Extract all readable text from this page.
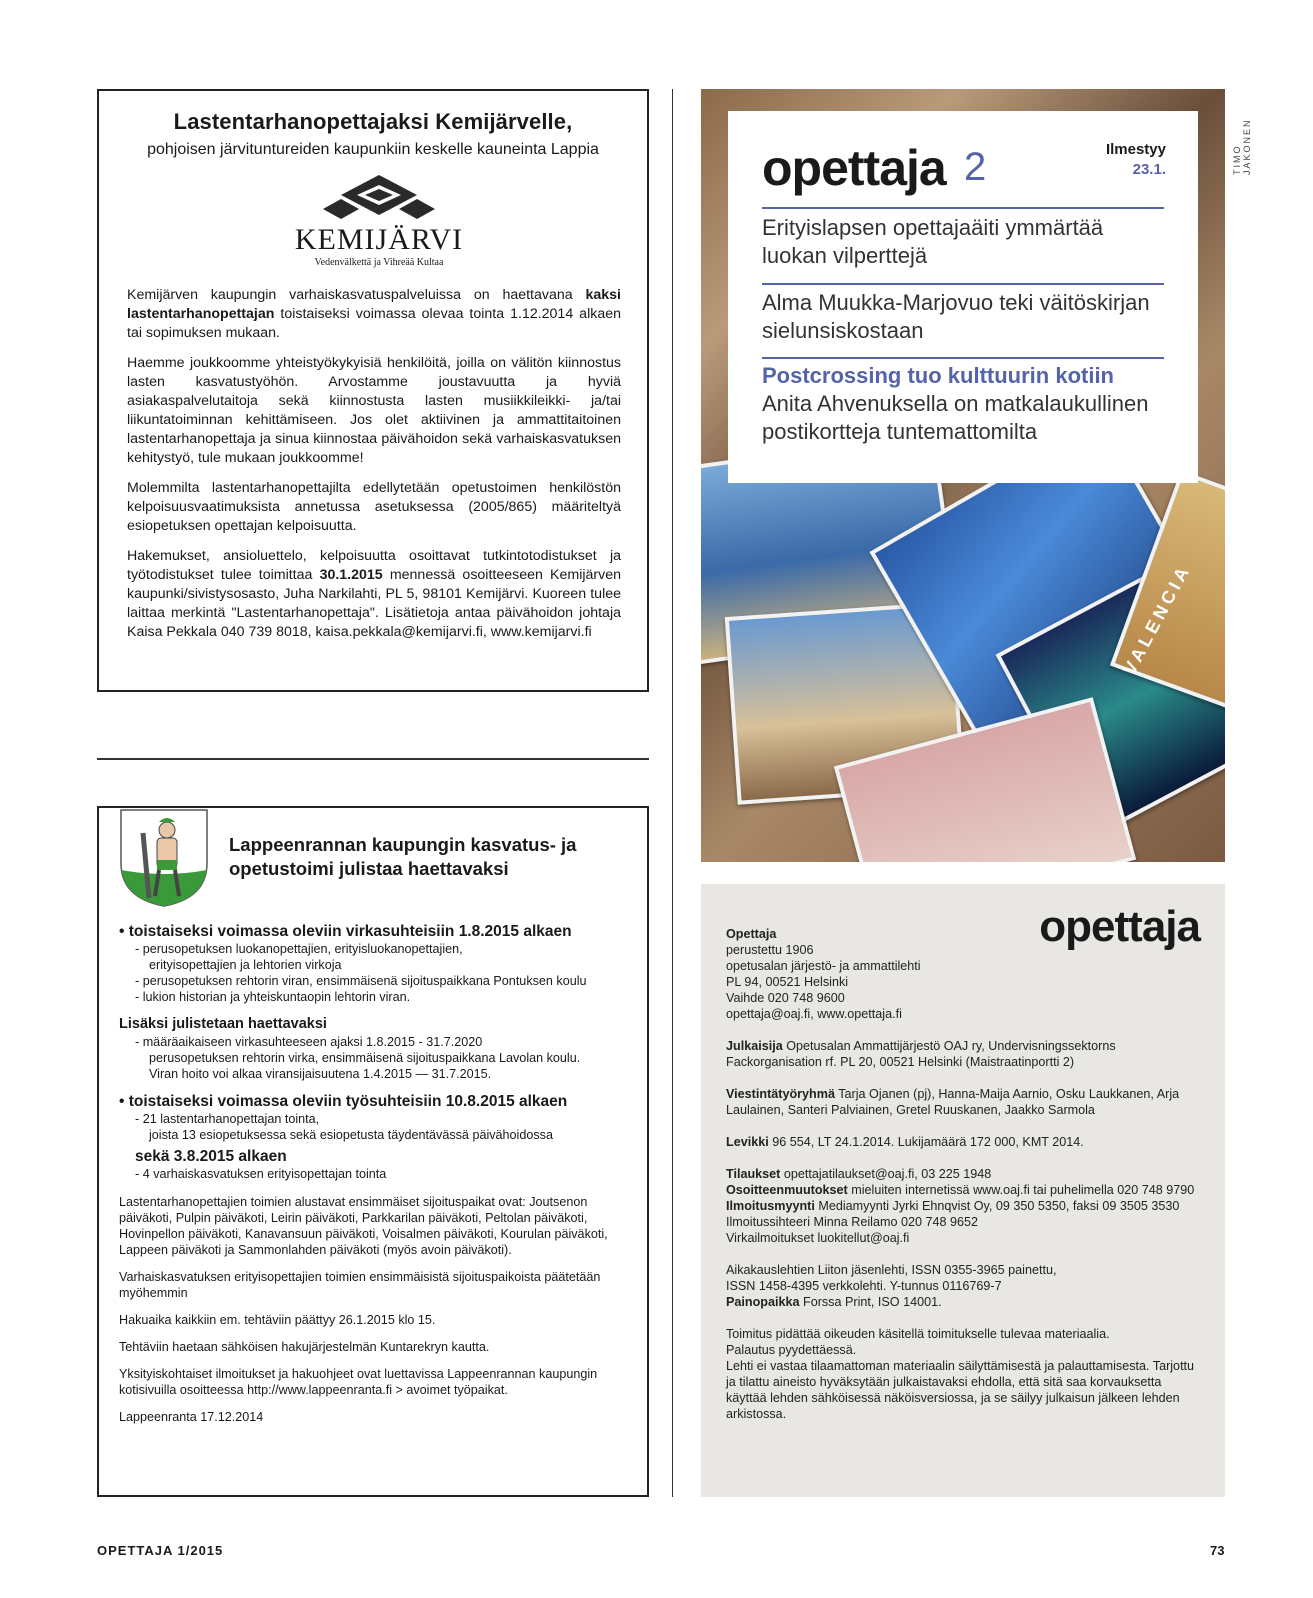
Lastentarhanopettajaksi Kemijärvelle,
pohjoisen järvituntureiden kaupunkiin keskelle kauneinta Lappia
KEMIJÄRVI
Vedenvälkettä ja Vihreää Kultaa

Kemijärven kaupungin varhaiskasvatuspalveluissa on haettavana kaksi lastentarhanopettajan toistaiseksi voimassa olevaa tointa 1.12.2014 alkaen tai sopimuksen mukaan.

Haemme joukkoomme yhteistyökykyisiä henkilöitä, joilla on välitön kiinnostus lasten kasvatustyöhön. Arvostamme joustavuutta ja hyviä asiakaspalvelutaitoja sekä kiinnostusta lasten musiikkileikki- ja/tai liikuntatoiminnan kehittämiseen. Jos olet aktiivinen ja ammattitaitoinen lastentarhanopettaja ja sinua kiinnostaa päivähoidon sekä varhaiskasvatuksen kehitystyö, tule mukaan joukkoomme!

Molemmilta lastentarhanopettajilta edellytetään opetustoimen henkilöstön kelpoisuusvaatimuksista annetussa asetuksessa (2005/865) määriteltyä esiopetuksen opettajan kelpoisuutta.

Hakemukset, ansioluettelo, kelpoisuutta osoittavat tutkintotodistukset ja työtodistukset tulee toimittaa 30.1.2015 mennessä osoitteeseen Kemijärven kaupunki/sivistysosasto, Juha Narkilahti, PL 5, 98101 Kemijärvi. Kuoreen tulee laittaa merkintä "Lastentarhanopettaja". Lisätietoja antaa päivähoidon johtaja Kaisa Pekkala 040 739 8018, kaisa.pekkala@kemijarvi.fi, www.kemijarvi.fi

Lappeenrannan kaupungin kasvatus- ja
opetustoimi julistaa haettavaksi
• toistaiseksi voimassa oleviin virkasuhteisiin 1.8.2015 alkaen
- perusopetuksen luokanopettajien, erityisluokanopettajien,
erityisopettajien ja lehtorien virkoja
- perusopetuksen rehtorin viran, ensimmäisenä sijoituspaikkana Pontuksen koulu
- lukion historian ja yhteiskuntaopin lehtorin viran.
Lisäksi julistetaan haettavaksi
- määräaikaiseen virkasuhteeseen ajaksi 1.8.2015 - 31.7.2020
perusopetuksen rehtorin virka, ensimmäisenä sijoituspaikkana Lavolan koulu.
Viran hoito voi alkaa viransijaisuutena 1.4.2015 — 31.7.2015.
• toistaiseksi voimassa oleviin työsuhteisiin 10.8.2015 alkaen
- 21 lastentarhanopettajan tointa,
joista 13 esiopetuksessa sekä esiopetusta täydentävässä päivähoidossa
sekä 3.8.2015 alkaen
- 4 varhaiskasvatuksen erityisopettajan tointa

Lastentarhanopettajien toimien alustavat ensimmäiset sijoituspaikat ovat: Joutsenon päiväkoti, Pulpin päiväkoti, Leirin päiväkoti, Parkkarilan päiväkoti, Peltolan päiväkoti, Hovinpellon päiväkoti, Kanavansuun päiväkoti, Voisalmen päiväkoti, Kourulan päiväkoti, Lappeen päiväkoti ja Sammonlahden päiväkoti (myös avoin päiväkoti).

Varhaiskasvatuksen erityisopettajien toimien ensimmäisistä sijoituspaikoista päätetään myöhemmin

Hakuaika kaikkiin em. tehtäviin päättyy 26.1.2015 klo 15.

Tehtäviin haetaan sähköisen hakujärjestelmän Kuntarekryn kautta.

Yksityiskohtaiset ilmoitukset ja hakuohjeet ovat luettavissa Lappeenrannan kaupungin kotisivuilla osoitteessa http://www.lappeenranta.fi > avoimet työpaikat.

Lappeenranta 17.12.2014

VALENCIA
opettaja 2	Ilmestyy
23.1.
Erityislapsen opettajaäiti ymmärtää luokan vilperttejä
Alma Muukka-Marjovuo teki väitöskirjan sielunsiskostaan
Postcrossing tuo kulttuurin kotiin
Anita Ahvenuksella on matkalaukullinen postikortteja tuntemattomilta
TIMO JAKONEN
opettaja

Opettaja
perustettu 1906
opetusalan järjestö- ja ammattilehti
PL 94, 00521 Helsinki
Vaihde 020 748 9600
opettaja@oaj.fi, www.opettaja.fi

Julkaisija Opetusalan Ammattijärjestö OAJ ry, Undervisningssektorns Fackorganisation rf. PL 20, 00521 Helsinki (Maistraatinportti 2)

Viestintätyöryhmä Tarja Ojanen (pj), Hanna-Maija Aarnio, Osku Laukkanen, Arja Laulainen, Santeri Palviainen, Gretel Ruuskanen, Jaakko Sarmola

Levikki 96 554, LT 24.1.2014. Lukijamäärä 172 000, KMT 2014.

Tilaukset opettajatilaukset@oaj.fi, 03 225 1948
Osoitteenmuutokset mieluiten internetissä www.oaj.fi tai puhelimella 020 748 9790
Ilmoitusmyynti Mediamyynti Jyrki Ehnqvist Oy, 09 350 5350, faksi 09 3505 3530
Ilmoitussihteeri Minna Reilamo 020 748 9652
Virkailmoitukset luokitellut@oaj.fi

Aikakauslehtien Liiton jäsenlehti, ISSN 0355-3965 painettu,
ISSN 1458-4395 verkkolehti. Y-tunnus 0116769-7
Painopaikka Forssa Print, ISO 14001.

Toimitus pidättää oikeuden käsitellä toimitukselle tulevaa materiaalia.
Palautus pyydettäessä.
Lehti ei vastaa tilaamattoman materiaalin säilyttämisestä ja palauttamisesta. Tarjottu ja tilattu aineisto hyväksytään julkaistavaksi ehdolla, että sitä saa korvauksetta käyttää lehden sähköisessä näköisversiossa, ja se säilyy julkaisun jälkeen lehden arkistossa.

OPETTAJA 1/2015	73
